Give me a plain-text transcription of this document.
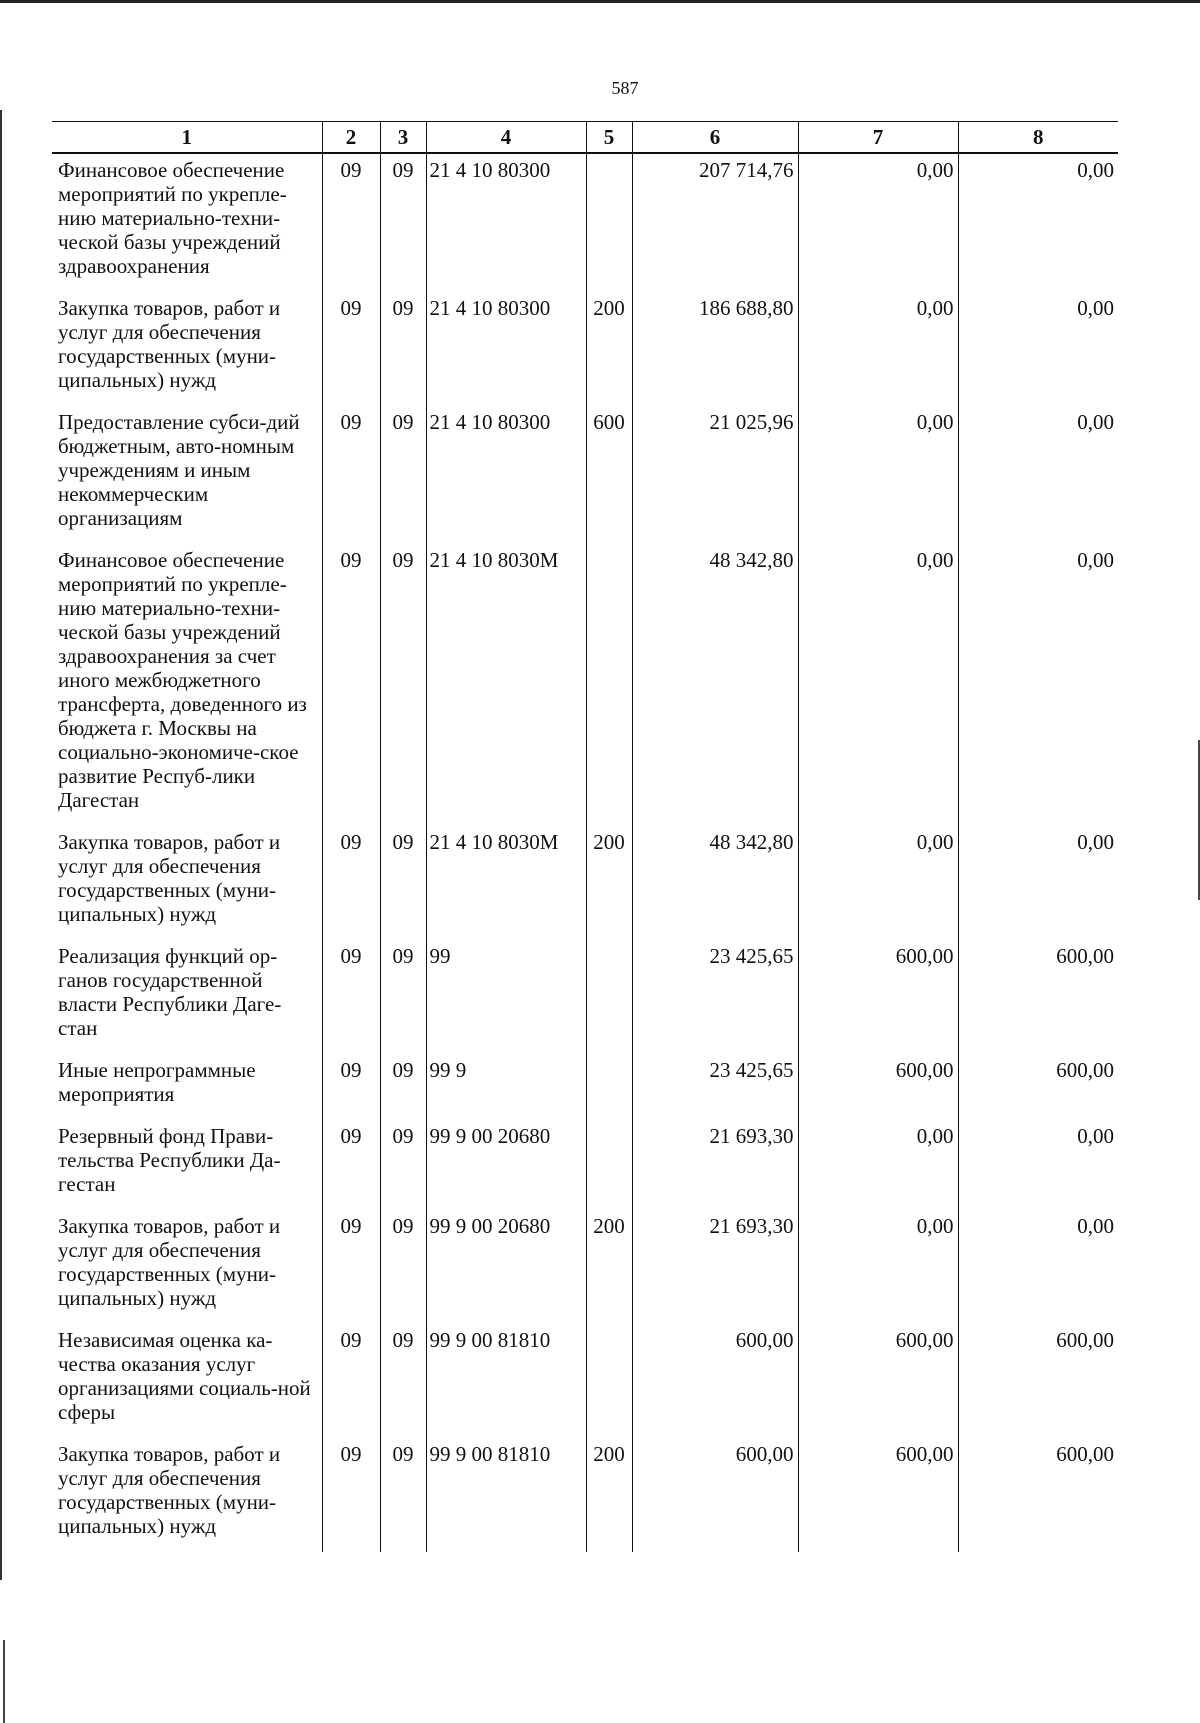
587
1	2	3	4	5	6	7	8
Финансовое обеспечение мероприятий по укрепле-нию материально-техни-ческой базы учреждений здравоохранения	09	09	21 4 10 80300		207 714,76	0,00	0,00
Закупка товаров, работ и услуг для обеспечения государственных (муни-ципальных) нужд	09	09	21 4 10 80300	200	186 688,80	0,00	0,00
Предоставление субси-дий бюджетным, авто-номным учреждениям и иным некоммерческим организациям	09	09	21 4 10 80300	600	21 025,96	0,00	0,00
Финансовое обеспечение мероприятий по укрепле-нию материально-техни-ческой базы учреждений здравоохранения за счет иного межбюджетного трансферта, доведенного из бюджета г. Москвы на социально-экономиче-ское развитие Респуб-лики Дагестан	09	09	21 4 10 8030M		48 342,80	0,00	0,00
Закупка товаров, работ и услуг для обеспечения государственных (муни-ципальных) нужд	09	09	21 4 10 8030M	200	48 342,80	0,00	0,00
Реализация функций ор-ганов государственной власти Республики Даге-стан	09	09	99		23 425,65	600,00	600,00
Иные непрограммные мероприятия	09	09	99 9		23 425,65	600,00	600,00
Резервный фонд Прави-тельства Республики Да-гестан	09	09	99 9 00 20680		21 693,30	0,00	0,00
Закупка товаров, работ и услуг для обеспечения государственных (муни-ципальных) нужд	09	09	99 9 00 20680	200	21 693,30	0,00	0,00
Независимая оценка ка-чества оказания услуг организациями социаль-ной сферы	09	09	99 9 00 81810		600,00	600,00	600,00
Закупка товаров, работ и услуг для обеспечения государственных (муни-ципальных) нужд	09	09	99 9 00 81810	200	600,00	600,00	600,00
